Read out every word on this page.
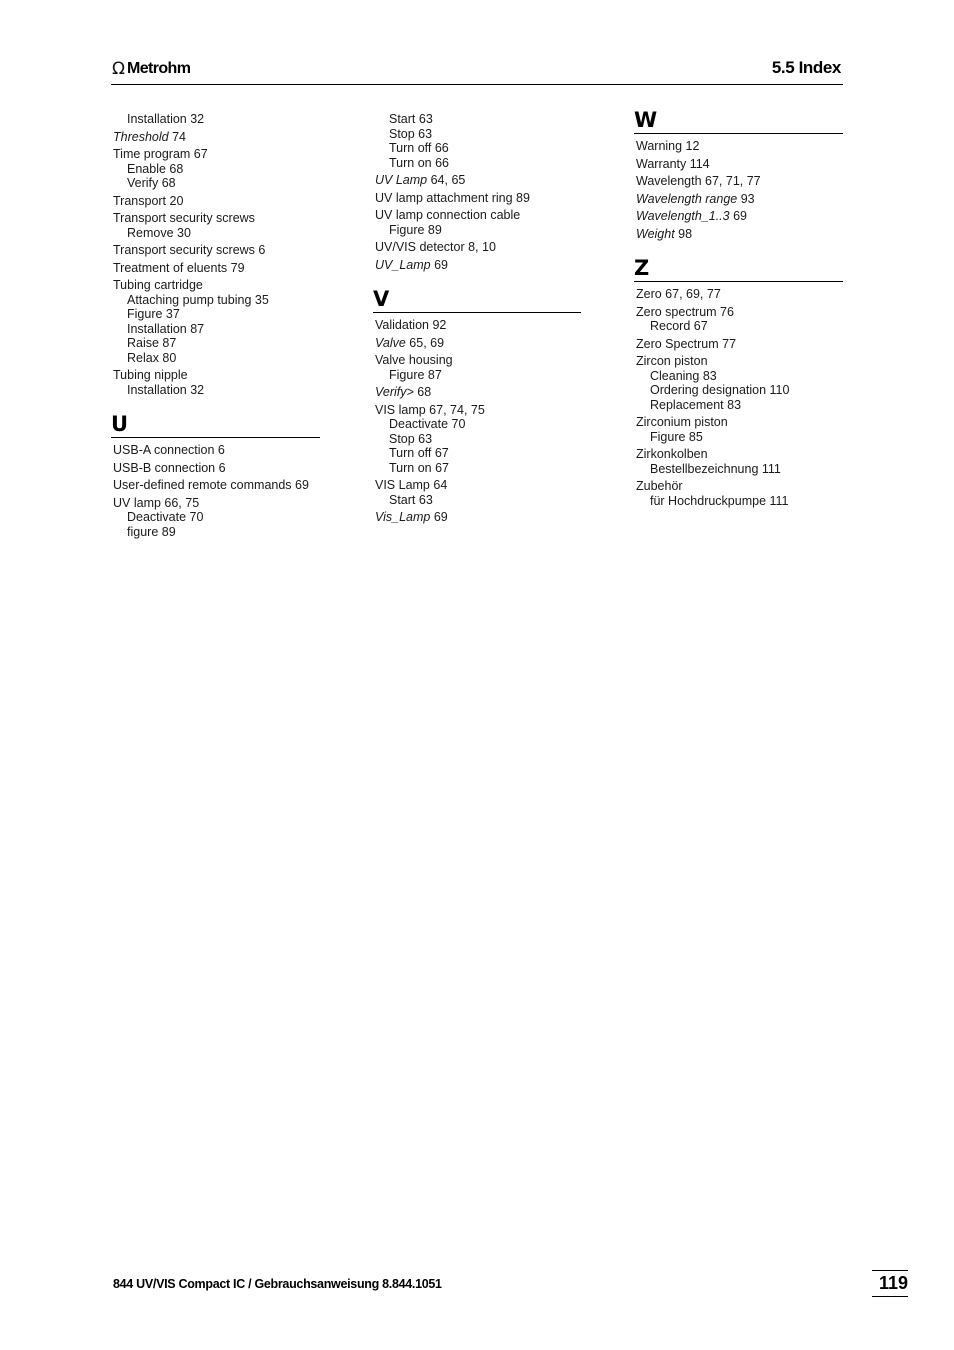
Ω Metrohm	5.5 Index
Installation 32
Threshold 74
Time program 67
Enable 68
Verify 68
Transport 20
Transport security screws
Remove 30
Transport security screws 6
Treatment of eluents 79
Tubing cartridge
Attaching pump tubing 35
Figure 37
Installation 87
Raise 87
Relax 80
Tubing nipple
Installation 32
U
USB-A connection 6
USB-B connection 6
User-defined remote commands 69
UV lamp 66, 75
Deactivate 70
figure 89
Start 63
Stop 63
Turn off 66
Turn on 66
UV Lamp 64, 65
UV lamp attachment ring 89
UV lamp connection cable
Figure 89
UV/VIS detector 8, 10
UV_Lamp 69
V
Validation 92
Valve 65, 69
Valve housing
Figure 87
Verify> 68
VIS lamp 67, 74, 75
Deactivate 70
Stop 63
Turn off 67
Turn on 67
VIS Lamp 64
Start 63
Vis_Lamp 69
W
Warning 12
Warranty 114
Wavelength 67, 71, 77
Wavelength range 93
Wavelength_1..3 69
Weight 98
Z
Zero 67, 69, 77
Zero spectrum 76
Record 67
Zero Spectrum 77
Zircon piston
Cleaning 83
Ordering designation 110
Replacement 83
Zirconium piston
Figure 85
Zirkonkolben
Bestellbezeichnung 111
Zubehör
für Hochdruckpumpe 111
844 UV/VIS Compact IC / Gebrauchsanweisung 8.844.1051	119
